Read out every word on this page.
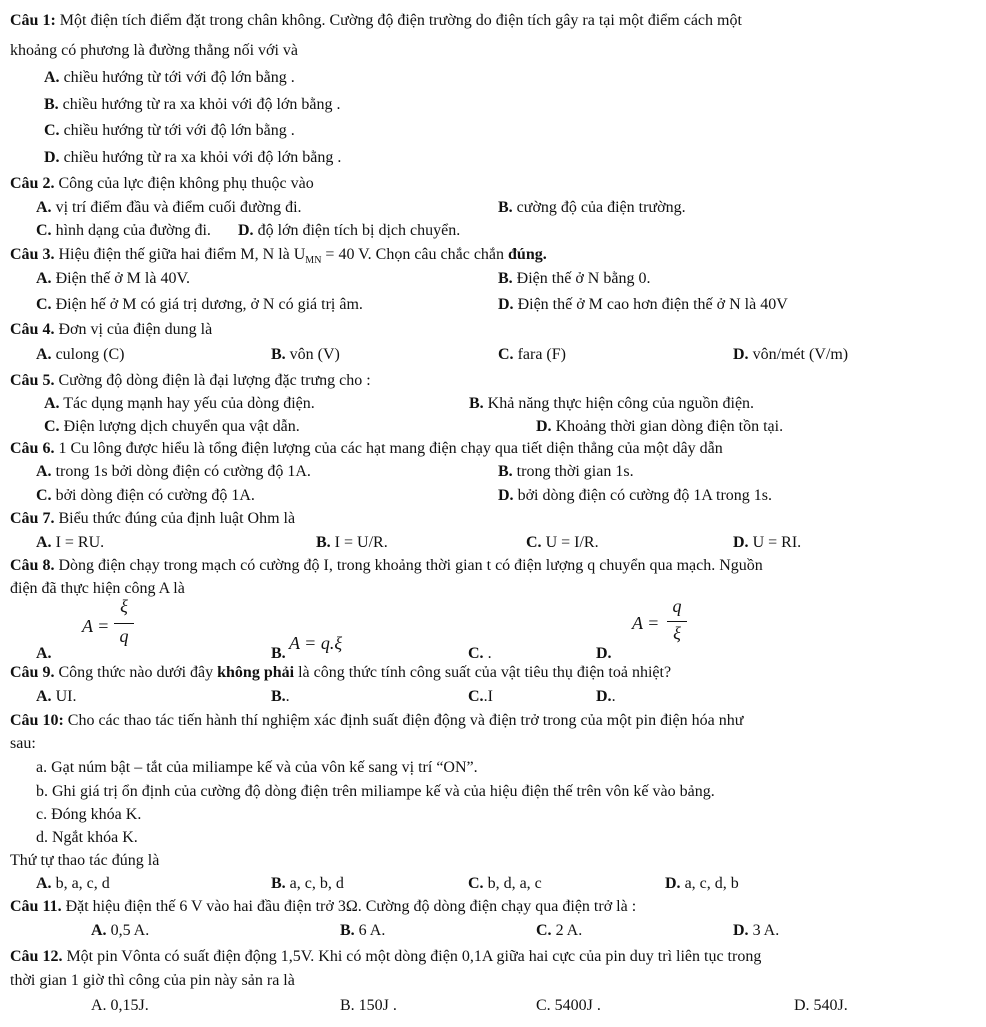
Câu 1: Một điện tích điểm đặt trong chân không. Cường độ điện trường do điện tích gây ra tại một điểm cách một
khoảng có phương là đường thẳng nối với và
A. chiều hướng từ tới với độ lớn bằng .
B. chiều hướng từ ra xa khỏi với độ lớn bằng .
C. chiều hướng từ tới với độ lớn bằng .
D. chiều hướng từ ra xa khỏi với độ lớn bằng .
Câu 2. Công của lực điện không phụ thuộc vào
A. vị trí điểm đầu và điểm cuối đường đi.	B. cường độ của điện trường.
C. hình dạng của đường đi. D. độ lớn điện tích bị dịch chuyển.
Câu 3. Hiệu điện thế giữa hai điểm M, N là $U_{MN} = 40$ V. Chọn câu chắc chắn đúng.
A. Điện thế ở M là 40V.	B. Điện thế ở N bằng 0.
C. Điện hế ở M có giá trị dương, ở N có giá trị âm.	D. Điện thế ở M cao hơn điện thế ở N là 40V
Câu 4. Đơn vị của điện dung là
A. culong (C)	B. vôn (V)	C. fara (F)	D. vôn/mét (V/m)
Câu 5. Cường độ dòng điện là đại lượng đặc trưng cho :
A. Tác dụng mạnh hay yếu của dòng điện.	B. Khả năng thực hiện công của nguồn điện.
C. Điện lượng dịch chuyển qua vật dẫn.	D. Khoảng thời gian dòng điện tồn tại.
Câu 6. 1 Cu lông được hiểu là tổng điện lượng của các hạt mang điện chạy qua tiết diện thẳng của một dây dẫn
A. trong 1s bởi dòng điện có cường độ 1A.	B. trong thời gian 1s.
C. bởi dòng điện có cường độ 1A.	D. bởi dòng điện có cường độ 1A trong 1s.
Câu 7. Biểu thức đúng của định luật Ohm là
A. I = RU.	B. I = U/R.	C. U = I/R.	D. U = RI.
Câu 8. Dòng điện chạy trong mạch có cường độ I, trong khoảng thời gian t có điện lượng q chuyển qua mạch. Nguồn
điện đã thực hiện công A là
A.
A =
ξ
q
B.
A = q.ξ
C. .	D.
A =
q
ξ
Câu 9. Công thức nào dưới đây không phải là công thức tính công suất của vật tiêu thụ điện toả nhiệt?
A. UI.	B..	C..I	D..
Câu 10: Cho các thao tác tiến hành thí nghiệm xác định suất điện động và điện trở trong của một pin điện hóa như
sau:
a. Gạt núm bật – tắt của miliampe kế và của vôn kế sang vị trí “ON”.
b. Ghi giá trị ổn định của cường độ dòng điện trên miliampe kế và của hiệu điện thế trên vôn kế vào bảng.
c. Đóng khóa K.
d. Ngắt khóa K.
Thứ tự thao tác đúng là
A. b, a, c, d	B. a, c, b, d	C. b, d, a, c	D. a, c, d, b
Câu 11. Đặt hiệu điện thế 6 V vào hai đầu điện trở 3Ω. Cường độ dòng điện chạy qua điện trở là :
A. 0,5 A.	B. 6 A.	C. 2 A.	D. 3 A.
Câu 12. Một pin Vônta có suất điện động 1,5V. Khi có một dòng điện 0,1A giữa hai cực của pin duy trì liên tục trong
thời gian 1 giờ thì công của pin này sản ra là
A. 0,15J.	B. 150J .	C. 5400J .	D. 540J.
